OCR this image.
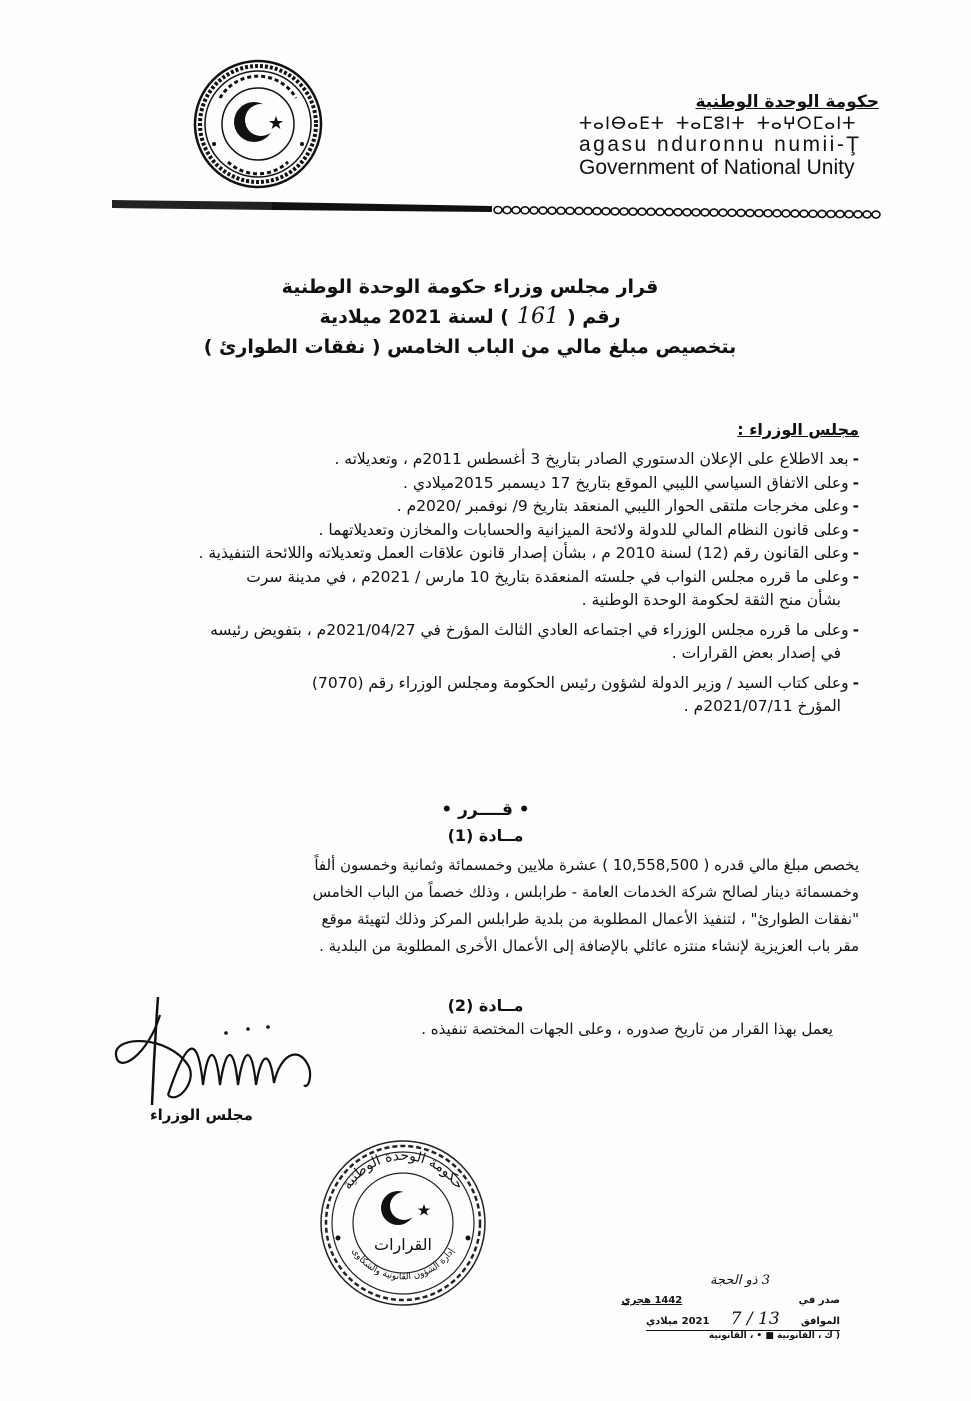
حكومة الوحدة الوطنية
ⵜⴰⵏⴱⴰⴹⵜ ⵜⴰⵎⵓⵏⵜ ⵜⴰⵖⵔⵎⴰⵏⵜ
agasu nduronnu numii-Ţ
Government of National Unity
قرار مجلس وزراء حكومة الوحدة الوطنية
رقم (161) لسنة 2021 ميلادية
بتخصيص مبلغ مالي من الباب الخامس ( نفقات الطوارئ )
مجلس الوزراء :
-بعد الاطلاع على الإعلان الدستوري الصادر بتاريخ 3 أغسطس 2011م ، وتعديلاته .
-وعلى الاتفاق السياسي الليبي الموقع بتاريخ 17 ديسمبر 2015ميلادي .
-وعلى مخرجات ملتقى الحوار الليبي المنعقد بتاريخ 9/ نوفمبر /2020م .
-وعلى قانون النظام المالي للدولة ولائحة الميزانية والحسابات والمخازن وتعديلاتهما .
-وعلى القانون رقم (12) لسنة 2010 م ، بشأن إصدار قانون علاقات العمل وتعديلاته واللائحة التنفيذية .
-وعلى ما قرره مجلس النواب في جلسته المنعقدة بتاريخ 10 مارس / 2021م ، في مدينة سرت
بشأن منح الثقة لحكومة الوحدة الوطنية .
-وعلى ما قرره مجلس الوزراء في اجتماعه العادي الثالث المؤرخ في 2021/04/27م ، بتفويض رئيسه
في إصدار بعض القرارات .
-وعلى كتاب السيد / وزير الدولة لشؤون رئيس الحكومة ومجلس الوزراء رقم (7070)
المؤرخ 2021/07/11م .
• قــــرر •
مــادة (1)
يخصص مبلغ مالي قدره ( 10,558,500 ) عشرة ملايين وخمسمائة وثمانية وخمسون ألفاً
وخمسمائة دينار لصالح شركة الخدمات العامة - طرابلس ، وذلك خصماً من الباب الخامس
"نفقات الطوارئ" ، لتنفيذ الأعمال المطلوبة من بلدية طرابلس المركز وذلك لتهيئة موقع
مقر باب العزيزية لإنشاء منتزه عائلي بالإضافة إلى الأعمال الأخرى المطلوبة من البلدية .
مــادة (2)
يعمل بهذا القرار من تاريخ صدوره ، وعلى الجهات المختصة تنفيذه .
مجلس الوزراء
القرارات
حكومة الوحدة الوطنية
إدارة الشؤون القانونية والشكاوى
3 ذو الحجة
صدر في  1442 هجري
الموافق 13 / 7 2021 ميلادي
( ك ، القانونية ■ • ، القانونية
